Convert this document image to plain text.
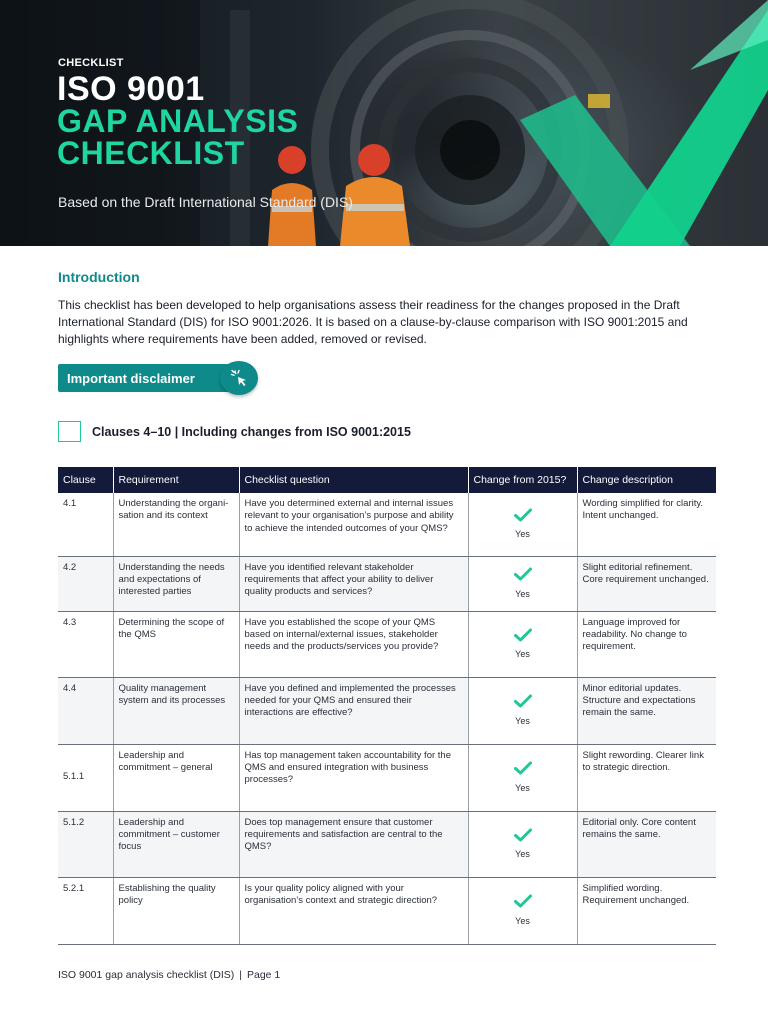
CHECKLIST
ISO 9001
GAP ANALYSIS
CHECKLIST
Based on the Draft International Standard (DIS)
Introduction
This checklist has been developed to help organisations assess their readiness for the changes proposed in the Draft International Standard (DIS) for ISO 9001:2026. It is based on a clause-by-clause comparison with ISO 9001:2015 and highlights where requirements have been added, removed or revised.
Important disclaimer
Clauses 4–10 | Including changes from ISO 9001:2015
Clause	Requirement	Checklist question	Change from 2015?	Change description
4.1	Understanding the organi-sation and its context	Have you determined external and internal issues relevant to your organisation’s purpose and ability to achieve the intended outcomes of your QMS?	Yes	Wording simplified for clarity. Intent unchanged.
4.2	Understanding the needs and expectations of interested parties	Have you identified relevant stakeholder requirements that affect your ability to deliver quality products and services?	Yes	Slight editorial refinement. Core requirement unchanged.
4.3	Determining the scope of the QMS	Have you established the scope of your QMS based on internal/external issues, stakeholder needs and the products/services you provide?	Yes	Language improved for readability. No change to requirement.
4.4	Quality management system and its processes	Have you defined and implemented the processes needed for your QMS and ensured their interactions are effective?	Yes	Minor editorial updates. Structure and expectations remain the same.
5.1.1	Leadership and commitment – general	Has top management taken accountability for the QMS and ensured integration with business processes?	Yes	Slight rewording. Clearer link to strategic direction.
5.1.2	Leadership and commitment – customer focus	Does top management ensure that customer requirements and satisfaction are central to the QMS?	Yes	Editorial only. Core content remains the same.
5.2.1	Establishing the quality policy	Is your quality policy aligned with your organisation’s context and strategic direction?	Yes	Simplified wording. Requirement unchanged.
ISO 9001 gap analysis checklist (DIS) | Page 1
